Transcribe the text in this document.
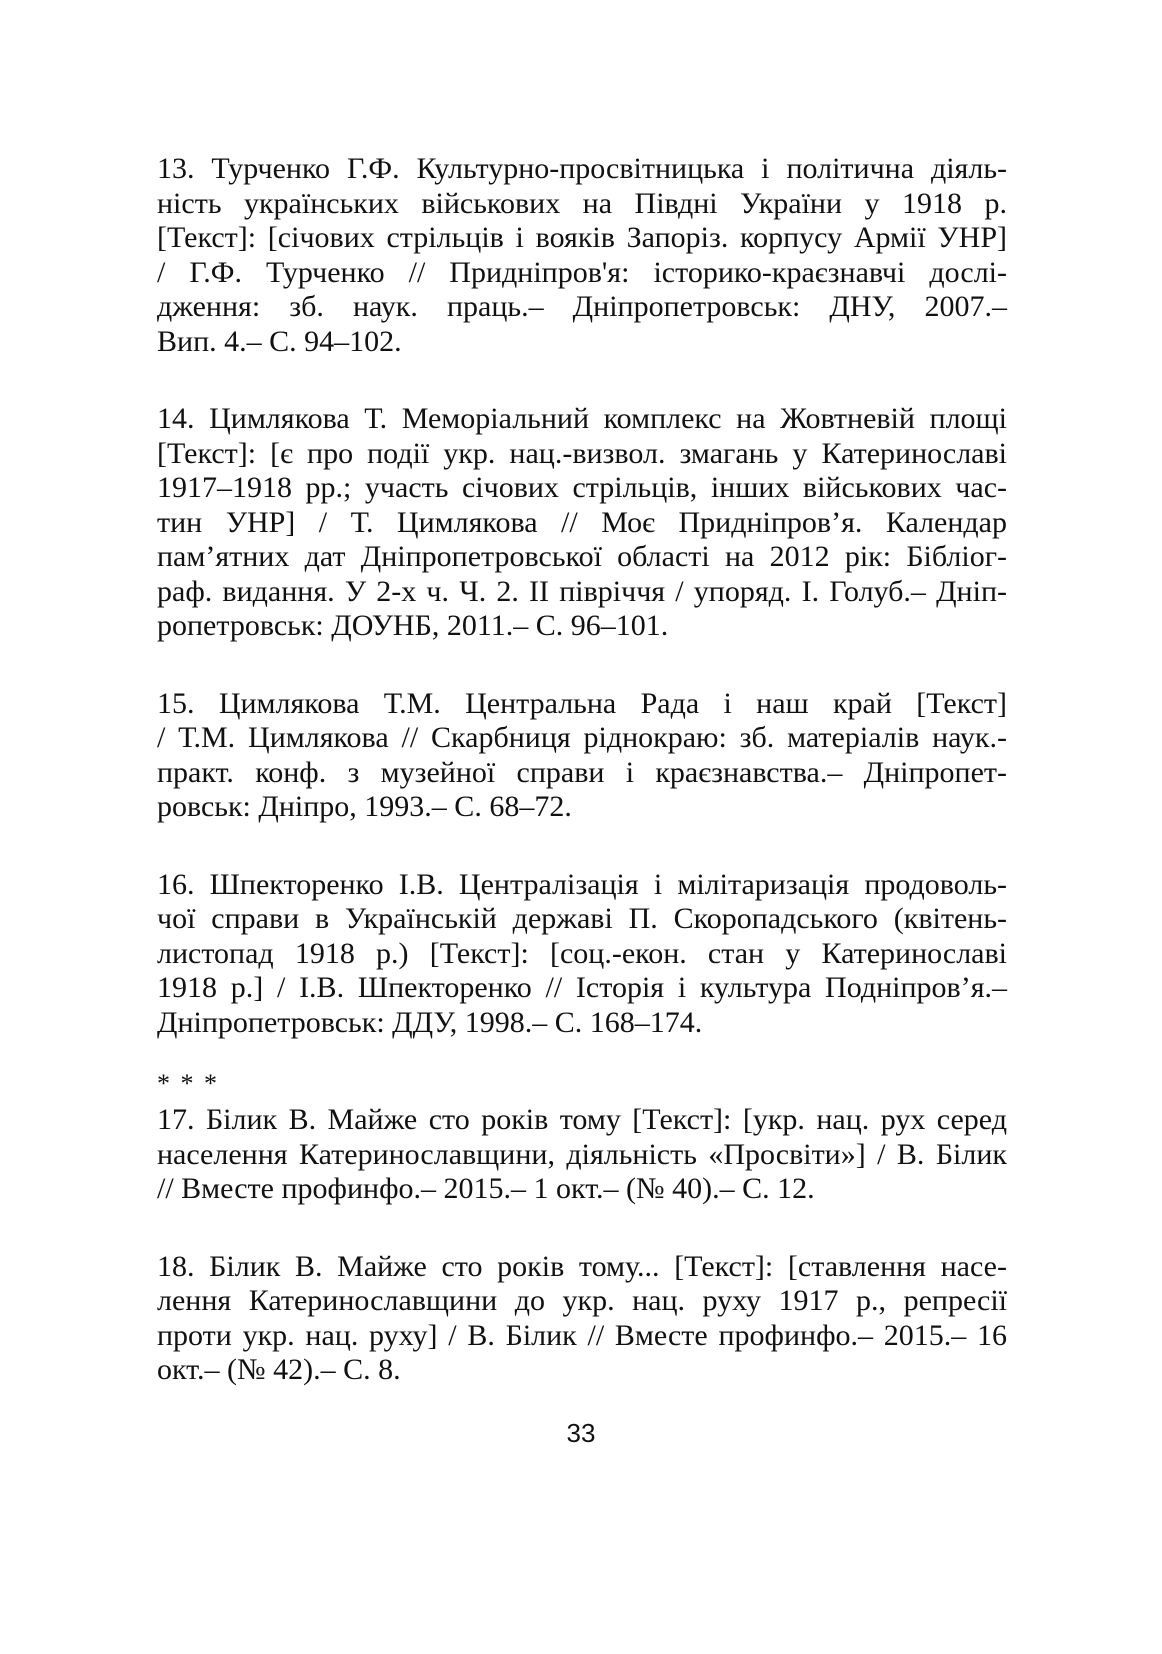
13. Турченко Г.Ф. Культурно-просвітницька і політична діяль-
ність українських військових на Півдні України у 1918 р.
[Текст]: [січових стрільців і вояків Запоріз. корпусу Армії УНР]
/ Г.Ф. Турченко // Придніпров'я: історико-краєзнавчі дослі-
дження: зб. наук. праць.– Дніпропетровськ: ДНУ, 2007.–
Вип. 4.– С. 94–102.
14. Цимлякова Т. Меморіальний комплекс на Жовтневій площі
[Текст]: [є про події укр. нац.-визвол. змагань у Катеринославі
1917–1918 рр.; участь січових стрільців, інших військових час-
тин УНР] / Т. Цимлякова // Моє Придніпров’я. Календар
пам’ятних дат Дніпропетровської області на 2012 рік: Бібліог-
раф. видання. У 2-х ч. Ч. 2. II півріччя / упоряд. І. Голуб.– Дніп-
ропетровськ: ДОУНБ, 2011.– С. 96–101.
15. Цимлякова Т.М. Центральна Рада і наш край [Текст]
/ Т.М. Цимлякова // Скарбниця ріднокраю: зб. матеріалів наук.-
практ. конф. з музейної справи і краєзнавства.– Дніпропет-
ровськ: Дніпро, 1993.– С. 68–72.
16. Шпекторенко І.В. Централізація і мілітаризація продоволь-
чої справи в Українській державі П. Скоропадського (квітень-
листопад 1918 р.) [Текст]: [соц.-екон. стан у Катеринославі
1918 р.] / І.В. Шпекторенко // Історія і культура Подніпров’я.–
Дніпропетровськ: ДДУ, 1998.– С. 168–174.
* * *
17. Білик В. Майже сто років тому [Текст]: [укр. нац. рух серед
населення Катеринославщини, діяльність «Просвіти»] / В. Білик
// Вместе профинфо.– 2015.– 1 окт.– (№ 40).– С. 12.
18. Білик В. Майже сто років тому... [Текст]: [ставлення насе-
лення Катеринославщини до укр. нац. руху 1917 р., репресії
проти укр. нац. руху] / В. Білик // Вместе профинфо.– 2015.– 16
окт.– (№ 42).– С. 8.
33
